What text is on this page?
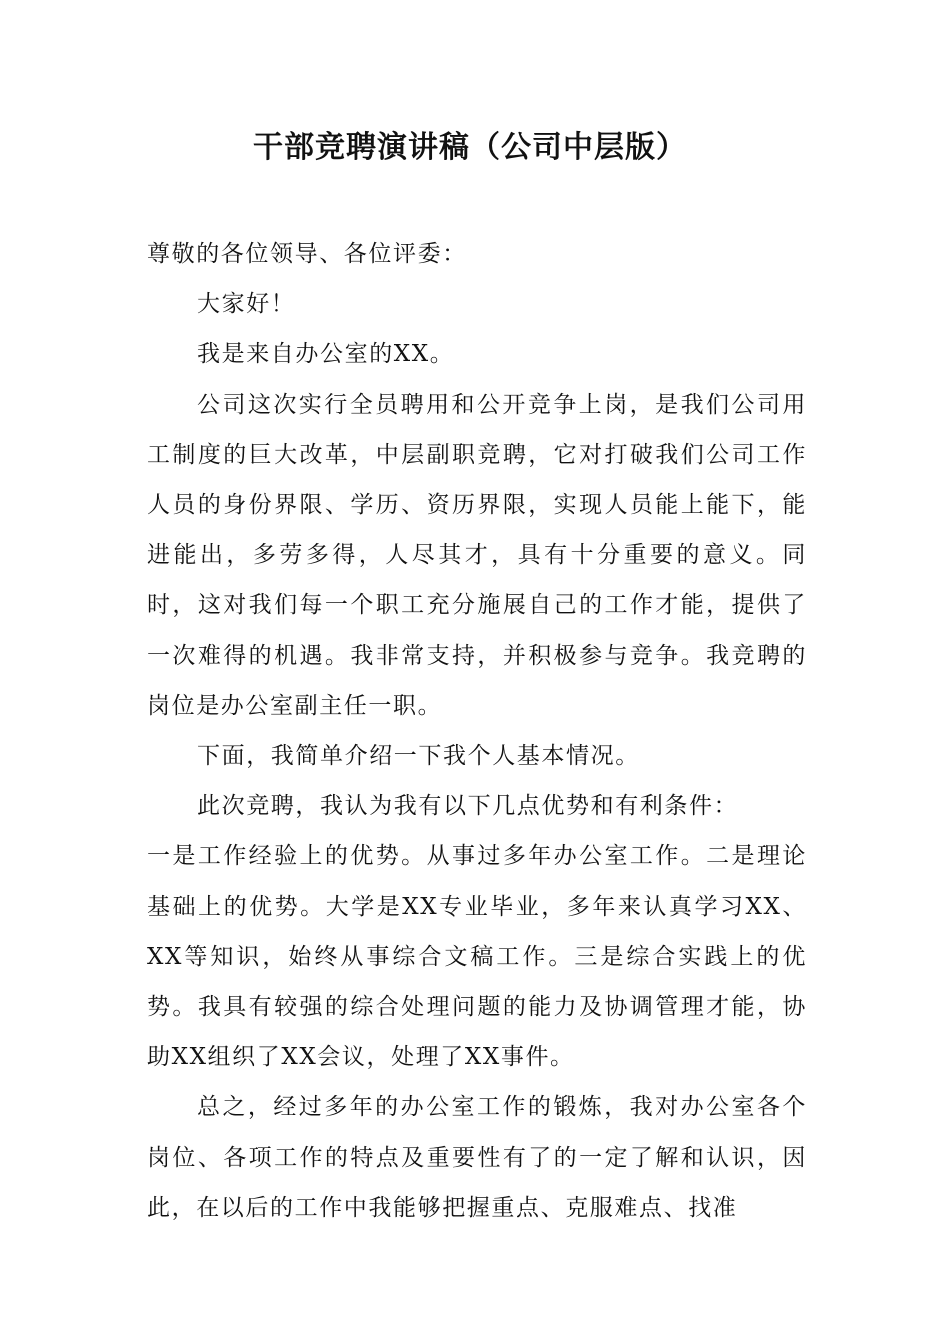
干部竞聘演讲稿（公司中层版）

尊敬的各位领导、各位评委：

大家好！

我是来自办公室的XX。

公司这次实行全员聘用和公开竞争上岗，是我们公司用工制度的巨大改革，中层副职竞聘，它对打破我们公司工作人员的身份界限、学历、资历界限，实现人员能上能下，能进能出，多劳多得，人尽其才，具有十分重要的意义。同时，这对我们每一个职工充分施展自己的工作才能，提供了一次难得的机遇。我非常支持，并积极参与竞争。我竞聘的岗位是办公室副主任一职。

下面，我简单介绍一下我个人基本情况。

此次竞聘，我认为我有以下几点优势和有利条件：

一是工作经验上的优势。从事过多年办公室工作。二是理论基础上的优势。大学是XX专业毕业，多年来认真学习XX、XX等知识，始终从事综合文稿工作。三是综合实践上的优势。我具有较强的综合处理问题的能力及协调管理才能，协助XX组织了XX会议，处理了XX事件。

总之，经过多年的办公室工作的锻炼，我对办公室各个岗位、各项工作的特点及重要性有了的一定了解和认识，因此，在以后的工作中我能够把握重点、克服难点、找准
